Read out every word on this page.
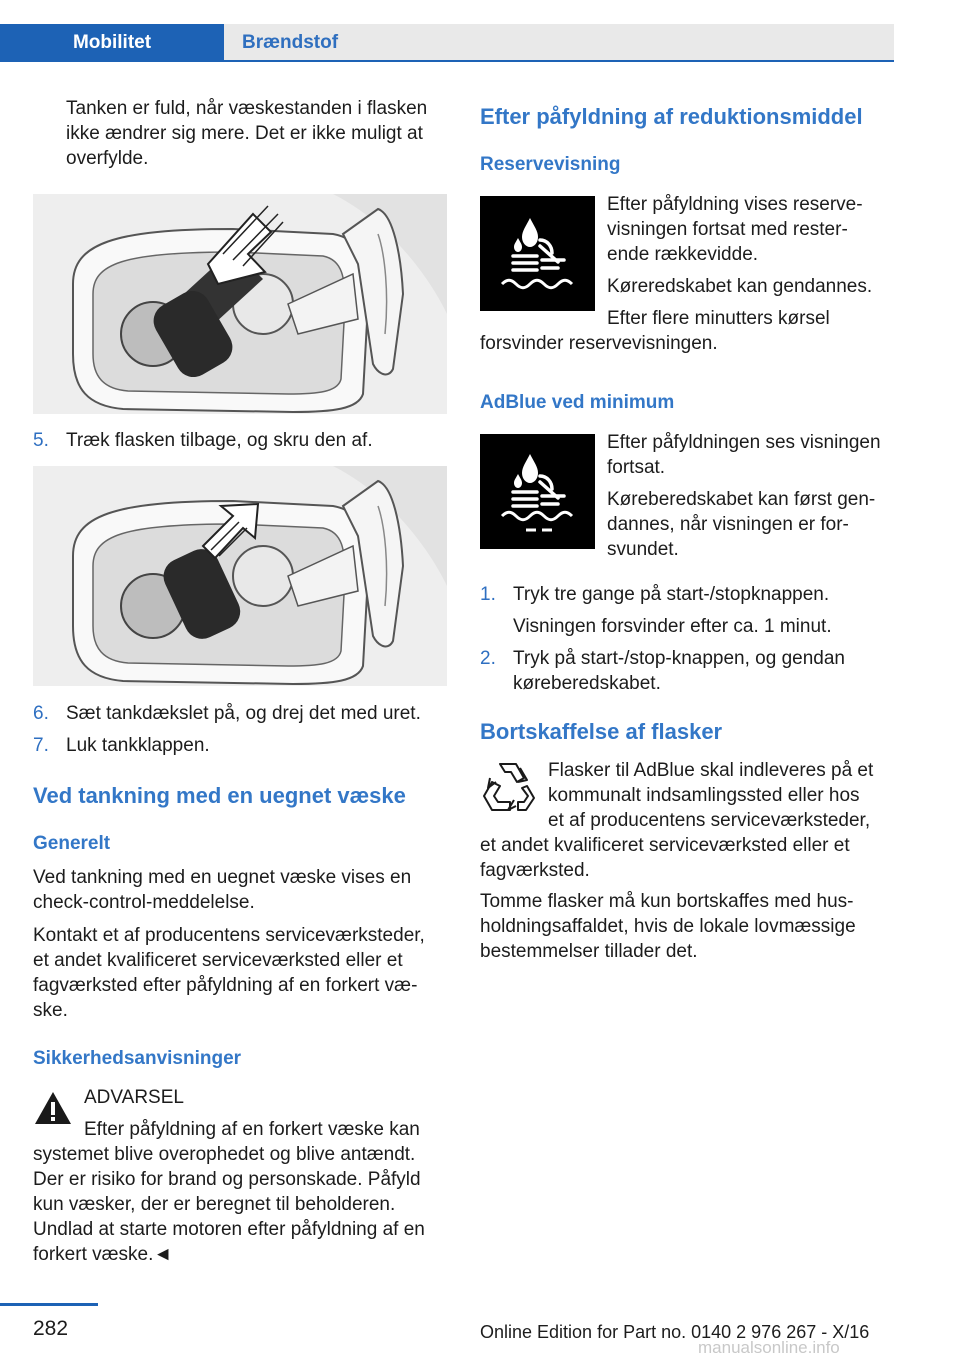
Mobilitet	Brændstof
Tanken er fuld, når væskestanden i flasken
ikke ændrer sig mere. Det er ikke muligt at
overfylde.
5. Træk flasken tilbage, og skru den af.
6. Sæt tankdækslet på, og drej det med uret.
7. Luk tankklappen.
Ved tankning med en uegnet væske
Generelt
Ved tankning med en uegnet væske vises en
check-control-meddelelse.
Kontakt et af producentens serviceværksteder,
et andet kvalificeret serviceværksted eller et
fagværksted efter påfyldning af en forkert væ-
ske.
Sikkerhedsanvisninger
ADVARSEL
Efter påfyldning af en forkert væske kan
systemet blive overophedet og blive antændt.
Der er risiko for brand og personskade. Påfyld
kun væsker, der er beregnet til beholderen.
Undlad at starte motoren efter påfyldning af en
forkert væske.◄
Efter påfyldning af reduktionsmiddel
Reservevisning
Efter påfyldning vises reserve-
visningen fortsat med rester-
ende rækkevidde.
Køreredskabet kan gendannes.
Efter flere minutters kørsel
forsvinder reservevisningen.
AdBlue ved minimum
Efter påfyldningen ses visningen
fortsat.
Køreberedskabet kan først gen-
dannes, når visningen er for-
svundet.
1. Tryk tre gange på start-/stopknappen.
Visningen forsvinder efter ca. 1 minut.
2. Tryk på start-/stop-knappen, og gendan
køreberedskabet.
Bortskaffelse af flasker
Flasker til AdBlue skal indleveres på et
kommunalt indsamlingssted eller hos
et af producentens serviceværksteder,
et andet kvalificeret serviceværksted eller et
fagværksted.
Tomme flasker må kun bortskaffes med hus-
holdningsaffaldet, hvis de lokale lovmæssige
bestemmelser tillader det.
282	Online Edition for Part no. 0140 2 976 267 - X/16
manualsonline.info
